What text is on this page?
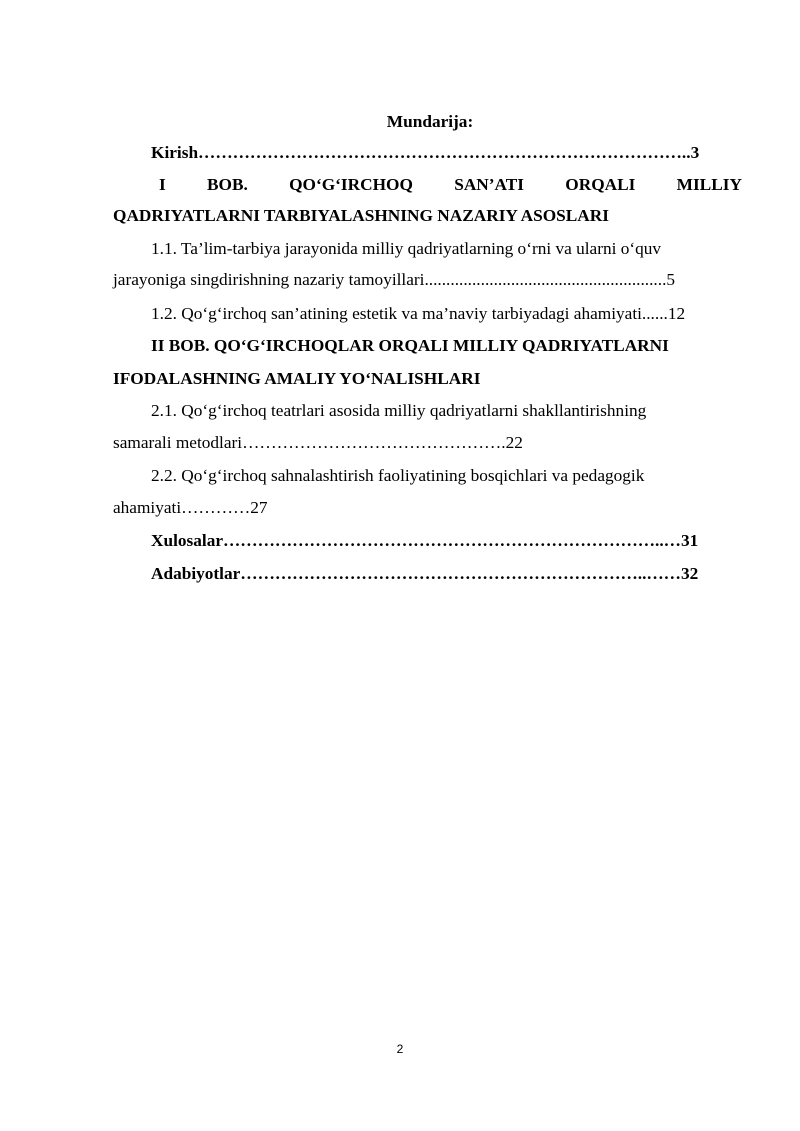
Mundarija:
Kirish…………………………………………………………………………..3
I BOB. QO‘G‘IRCHOQ SAN’ATI ORQALI MILLIY
QADRIYATLARNI TARBIYALASHNING NAZARIY ASOSLARI
1.1. Ta’lim-tarbiya jarayonida milliy qadriyatlarning o‘rni va ularni o‘quv
jarayoniga singdirishning nazariy tamoyillari........................................................5
1.2. Qo‘g‘irchoq san’atining estetik va ma’naviy tarbiyadagi ahamiyati......12
II BOB. QO‘G‘IRCHOQLAR ORQALI MILLIY QADRIYATLARNI
IFODALASHNING AMALIY YO‘NALISHLARI
2.1. Qo‘g‘irchoq teatrlari asosida milliy qadriyatlarni shakllantirishning
samarali metodlari……………………………………….22
2.2. Qo‘g‘irchoq sahnalashtirish faoliyatining bosqichlari va pedagogik
ahamiyati…………27
Xulosalar…………………………………………………………………..…31
Adabiyotlar……………………………………………………………..……32
2
